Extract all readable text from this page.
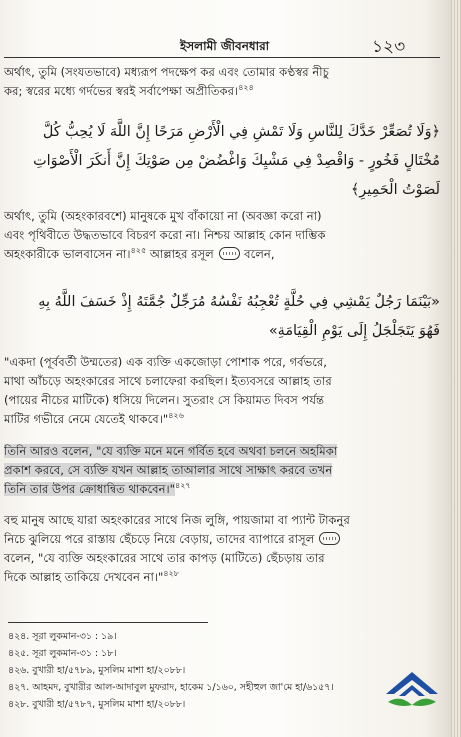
ইসলামী জীবনধারা	১২৩

অর্থাৎ, তুমি (সংযতভাবে) মধ্যরূপ পদক্ষেপ কর এবং তোমার কণ্ঠস্বর নীচু
কর; স্বরের মধ্যে গর্দভের স্বরই সর্বাপেক্ষা অপ্রীতিকর।$^{৪২৪}$

﴿وَلَا تُصَعِّرْ خَدَّكَ لِلنَّاسِ وَلَا تَمْشِ فِي الْأَرْضِ مَرَحًا إِنَّ اللَّهَ لَا يُحِبُّ كُلَّ
مُخْتَالٍ فَخُورٍ - وَاقْصِدْ فِي مَشْيِكَ وَاغْضُضْ مِن صَوْتِكَ إِنَّ أَنكَرَ الْأَصْوَاتِ
لَصَوْتُ الْحَمِيرِ﴾

অর্থাৎ, তুমি (অহংকারবশে) মানুষকে মুখ বাঁকায়ো না (অবজ্ঞা করো না)
এবং পৃথিবীতে উদ্ধতভাবে বিচরণ করো না। নিশ্চয় আল্লাহ কোন দাম্ভিক
অহংকারীকে ভালবাসেন না।$^{৪২৫}$ আল্লাহর রসূল  বলেন,

«بَيْنَمَا رَجُلٌ يَمْشِي فِي حُلَّةٍ تُعْجِبُهُ نَفْسُهُ مُرَجِّلٌ جُمَّتَهُ إِذْ خَسَفَ اللَّهُ بِهِ
فَهُوَ يَتَجَلْجَلُ إِلَى يَوْمِ الْقِيَامَةِ»

"একদা (পূর্ববর্তী উম্মতের) এক ব্যক্তি একজোড়া পোশাক পরে, গর্বভরে,
মাথা আঁচড়ে অহংকারের সাথে চলাফেরা করছিল। ইত্যবসরে আল্লাহ তার
(পায়ের নীচের মাটিকে) ধসিয়ে দিলেন। সুতরাং সে কিয়ামত দিবস পর্যন্ত
মাটির গভীরে নেমে যেতেই থাকবে।"$^{৪২৬}$

তিনি আরও বলেন, "যে ব্যক্তি মনে মনে গর্বিত হবে অথবা চলনে অহমিকা
প্রকাশ করবে, সে ব্যক্তি যখন আল্লাহ তাআলার সাথে সাক্ষাৎ করবে তখন
তিনি তার উপর ক্রোধান্বিত থাকবেন।"$^{৪২৭}$

বহু মানুষ আছে যারা অহংকারের সাথে নিজ লুঙ্গি, পায়জামা বা প্যান্ট টাকনুর
নিচে ঝুলিয়ে পরে রাস্তায় ছেঁচড়ে নিয়ে বেড়ায়, তাদের ব্যাপারে রাসূল
বলেন, "যে ব্যক্তি অহংকারের সাথে তার কাপড় (মাটিতে) ছেঁচড়ায় তার
দিকে আল্লাহ তাকিয়ে দেখবেন না।"$^{৪২৮}$

৪২৪. সূরা লুকমান-৩১ : ১৯।

৪২৫. সূরা লুকমান-৩১ : ১৮।

৪২৬. বুখারী হা/৫৭৮৯, মুসলিম মাশা হা/২০৮৮।

৪২৭. আহমদ, বুখারীর আল-আদাবুল মুফরাদ, হাকেম ১/১৬০, সহীহুল জা'মে হা/৬১৫৭।

৪২৮. বুখারী হা/৫৭৮৭, মুসলিম মাশা হা/২০৮৮।
